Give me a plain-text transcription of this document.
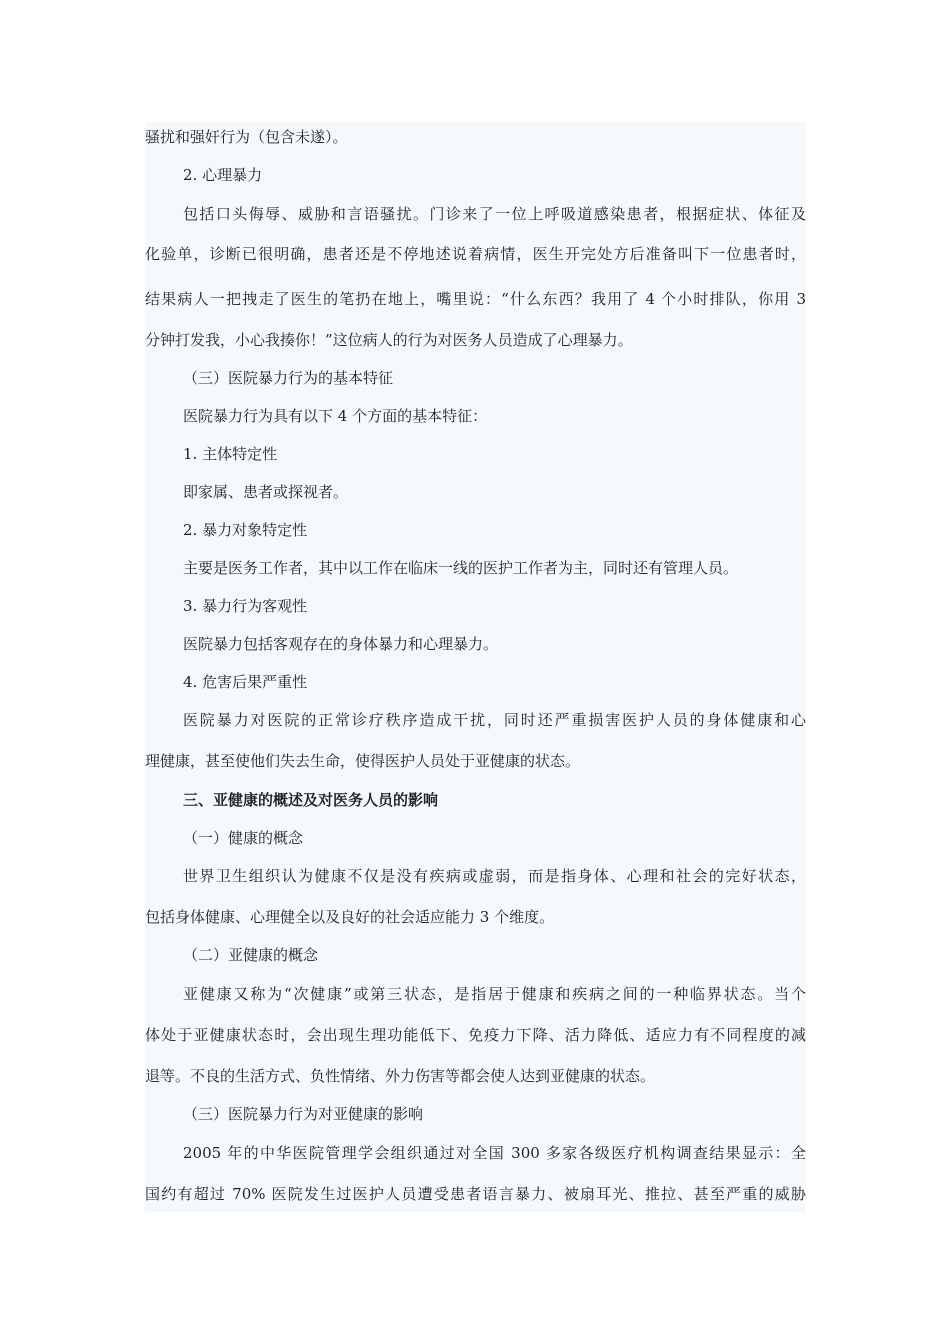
骚扰和强奸行为（包含未遂）。
2. 心理暴力
包括口头侮辱、威胁和言语骚扰。门诊来了一位上呼吸道感染患者，根据症状、体征及
化验单，诊断已很明确，患者还是不停地述说着病情，医生开完处方后准备叫下一位患者时，
结果病人一把拽走了医生的笔扔在地上，嘴里说：“什么东西？我用了 4 个小时排队，你用 3
分钟打发我，小心我揍你！”这位病人的行为对医务人员造成了心理暴力。
（三）医院暴力行为的基本特征
医院暴力行为具有以下 4 个方面的基本特征：
1. 主体特定性
即家属、患者或探视者。
2. 暴力对象特定性
主要是医务工作者，其中以工作在临床一线的医护工作者为主，同时还有管理人员。
3. 暴力行为客观性
医院暴力包括客观存在的身体暴力和心理暴力。
4. 危害后果严重性
医院暴力对医院的正常诊疗秩序造成干扰，同时还严重损害医护人员的身体健康和心
理健康，甚至使他们失去生命，使得医护人员处于亚健康的状态。
三、亚健康的概述及对医务人员的影响
（一）健康的概念
世界卫生组织认为健康不仅是没有疾病或虚弱，而是指身体、心理和社会的完好状态，
包括身体健康、心理健全以及良好的社会适应能力 3 个维度。
（二）亚健康的概念
亚健康又称为“次健康”或第三状态，是指居于健康和疾病之间的一种临界状态。当个
体处于亚健康状态时，会出现生理功能低下、免疫力下降、活力降低、适应力有不同程度的减
退等。不良的生活方式、负性情绪、外力伤害等都会使人达到亚健康的状态。
（三）医院暴力行为对亚健康的影响
2005 年的中华医院管理学会组织通过对全国 300 多家各级医疗机构调查结果显示：全
国约有超过 70% 医院发生过医护人员遭受患者语言暴力、被扇耳光、推拉、甚至严重的威胁
